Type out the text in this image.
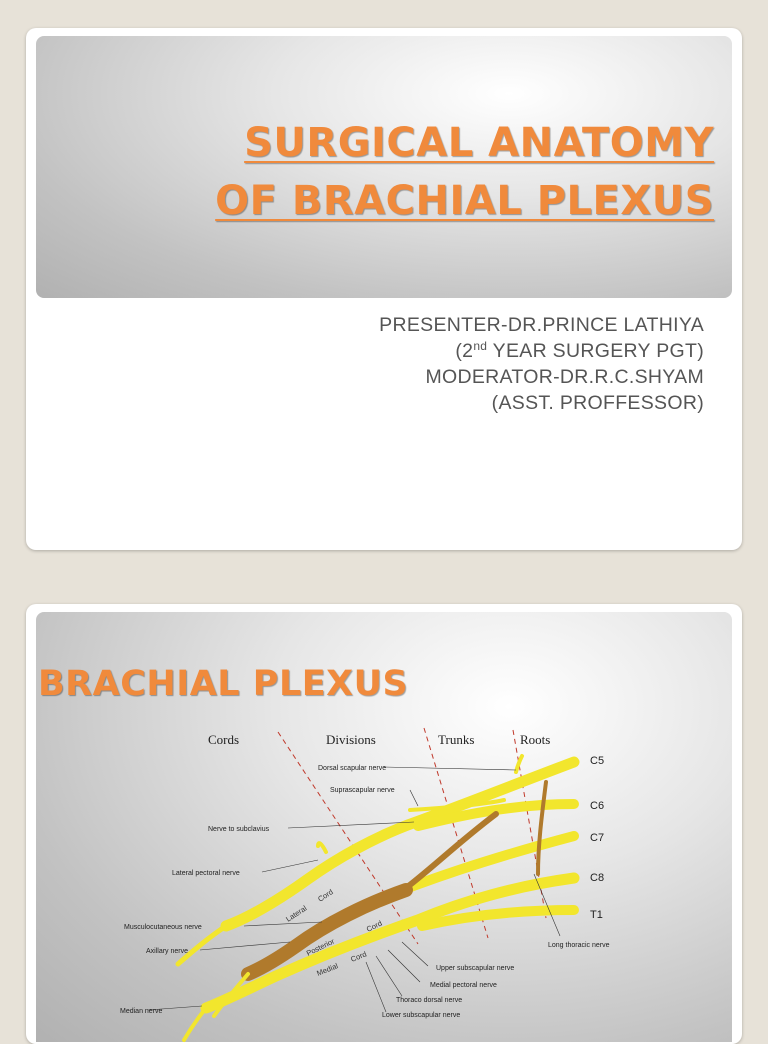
SURGICAL ANATOMY
OF BRACHIAL PLEXUS
PRESENTER-DR.PRINCE LATHIYA
(2nd YEAR SURGERY PGT)
MODERATOR-DR.R.C.SHYAM
(ASST. PROFFESSOR)
BRACHIAL PLEXUS
Cords	Divisions	Trunks	Roots
C5
C6
C7
C8
T1
Lateral
Cord
Posterior
Cord
Medial
Cord
Dorsal scapular nerve
Suprascapular nerve
Nerve to subclavius
Lateral pectoral nerve
Musculocutaneous nerve
Axillary nerve
Median nerve
Long thoracic nerve
Upper subscapular nerve
Medial pectoral nerve
Thoraco dorsal nerve
Lower subscapular nerve
